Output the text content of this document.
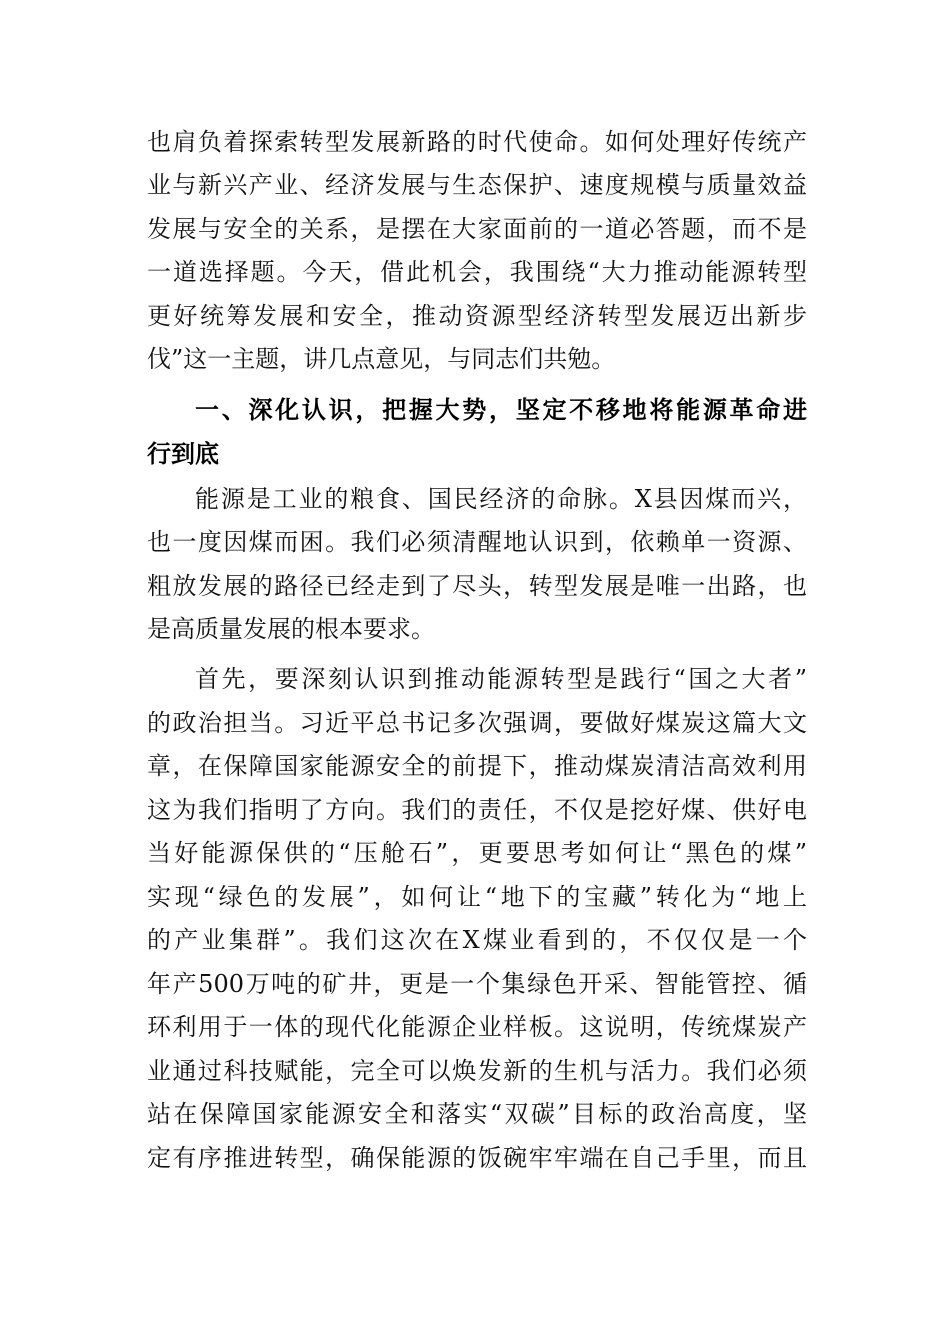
也肩负着探索转型发展新路的时代使命。如何处理好传统产
业与新兴产业、经济发展与生态保护、速度规模与质量效益
发展与安全的关系，是摆在大家面前的一道必答题，而不是
一道选择题。今天，借此机会，我围绕“大力推动能源转型
更好统筹发展和安全，推动资源型经济转型发展迈出新步
伐”这一主题，讲几点意见，与同志们共勉。
一、深化认识，把握大势，坚定不移地将能源革命进
行到底
能源是工业的粮食、国民经济的命脉。X县因煤而兴，
也一度因煤而困。我们必须清醒地认识到，依赖单一资源、
粗放发展的路径已经走到了尽头，转型发展是唯一出路，也
是高质量发展的根本要求。
首先，要深刻认识到推动能源转型是践行“国之大者”
的政治担当。习近平总书记多次强调，要做好煤炭这篇大文
章，在保障国家能源安全的前提下，推动煤炭清洁高效利用
这为我们指明了方向。我们的责任，不仅是挖好煤、供好电
当好能源保供的“压舱石”，更要思考如何让“黑色的煤”
实现“绿色的发展”，如何让“地下的宝藏”转化为“地上
的产业集群”。我们这次在X煤业看到的，不仅仅是一个
年产500万吨的矿井，更是一个集绿色开采、智能管控、循
环利用于一体的现代化能源企业样板。这说明，传统煤炭产
业通过科技赋能，完全可以焕发新的生机与活力。我们必须
站在保障国家能源安全和落实“双碳”目标的政治高度，坚
定有序推进转型，确保能源的饭碗牢牢端在自己手里，而且
